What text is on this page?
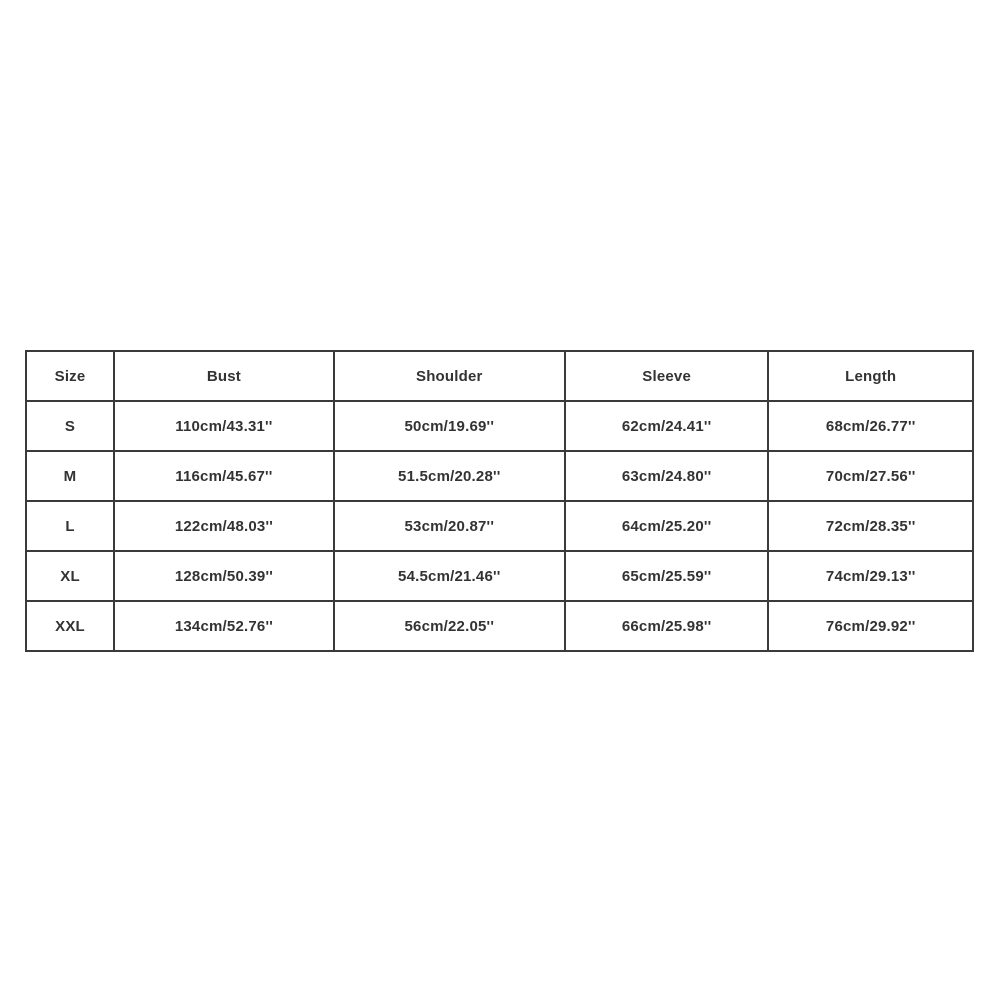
Size	Bust	Shoulder	Sleeve	Length
S	110cm/43.31''	50cm/19.69''	62cm/24.41''	68cm/26.77''
M	116cm/45.67''	51.5cm/20.28''	63cm/24.80''	70cm/27.56''
L	122cm/48.03''	53cm/20.87''	64cm/25.20''	72cm/28.35''
XL	128cm/50.39''	54.5cm/21.46''	65cm/25.59''	74cm/29.13''
XXL	134cm/52.76''	56cm/22.05''	66cm/25.98''	76cm/29.92''
